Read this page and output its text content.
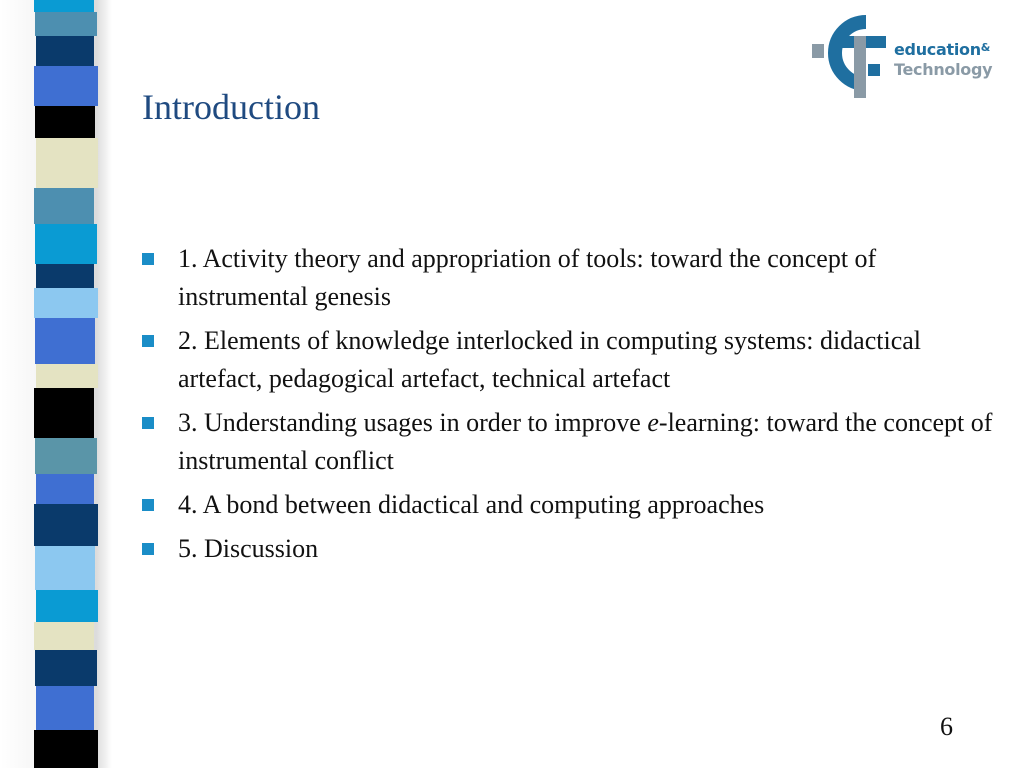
education&
Technology
Introduction
1. Activity theory and appropriation of tools: toward the concept of instrumental genesis
2. Elements of knowledge interlocked in computing systems: didactical artefact, pedagogical artefact, technical artefact
3. Understanding usages in order to improve e-learning: toward the concept of instrumental conflict
4. A bond between didactical and computing approaches
5. Discussion
6
